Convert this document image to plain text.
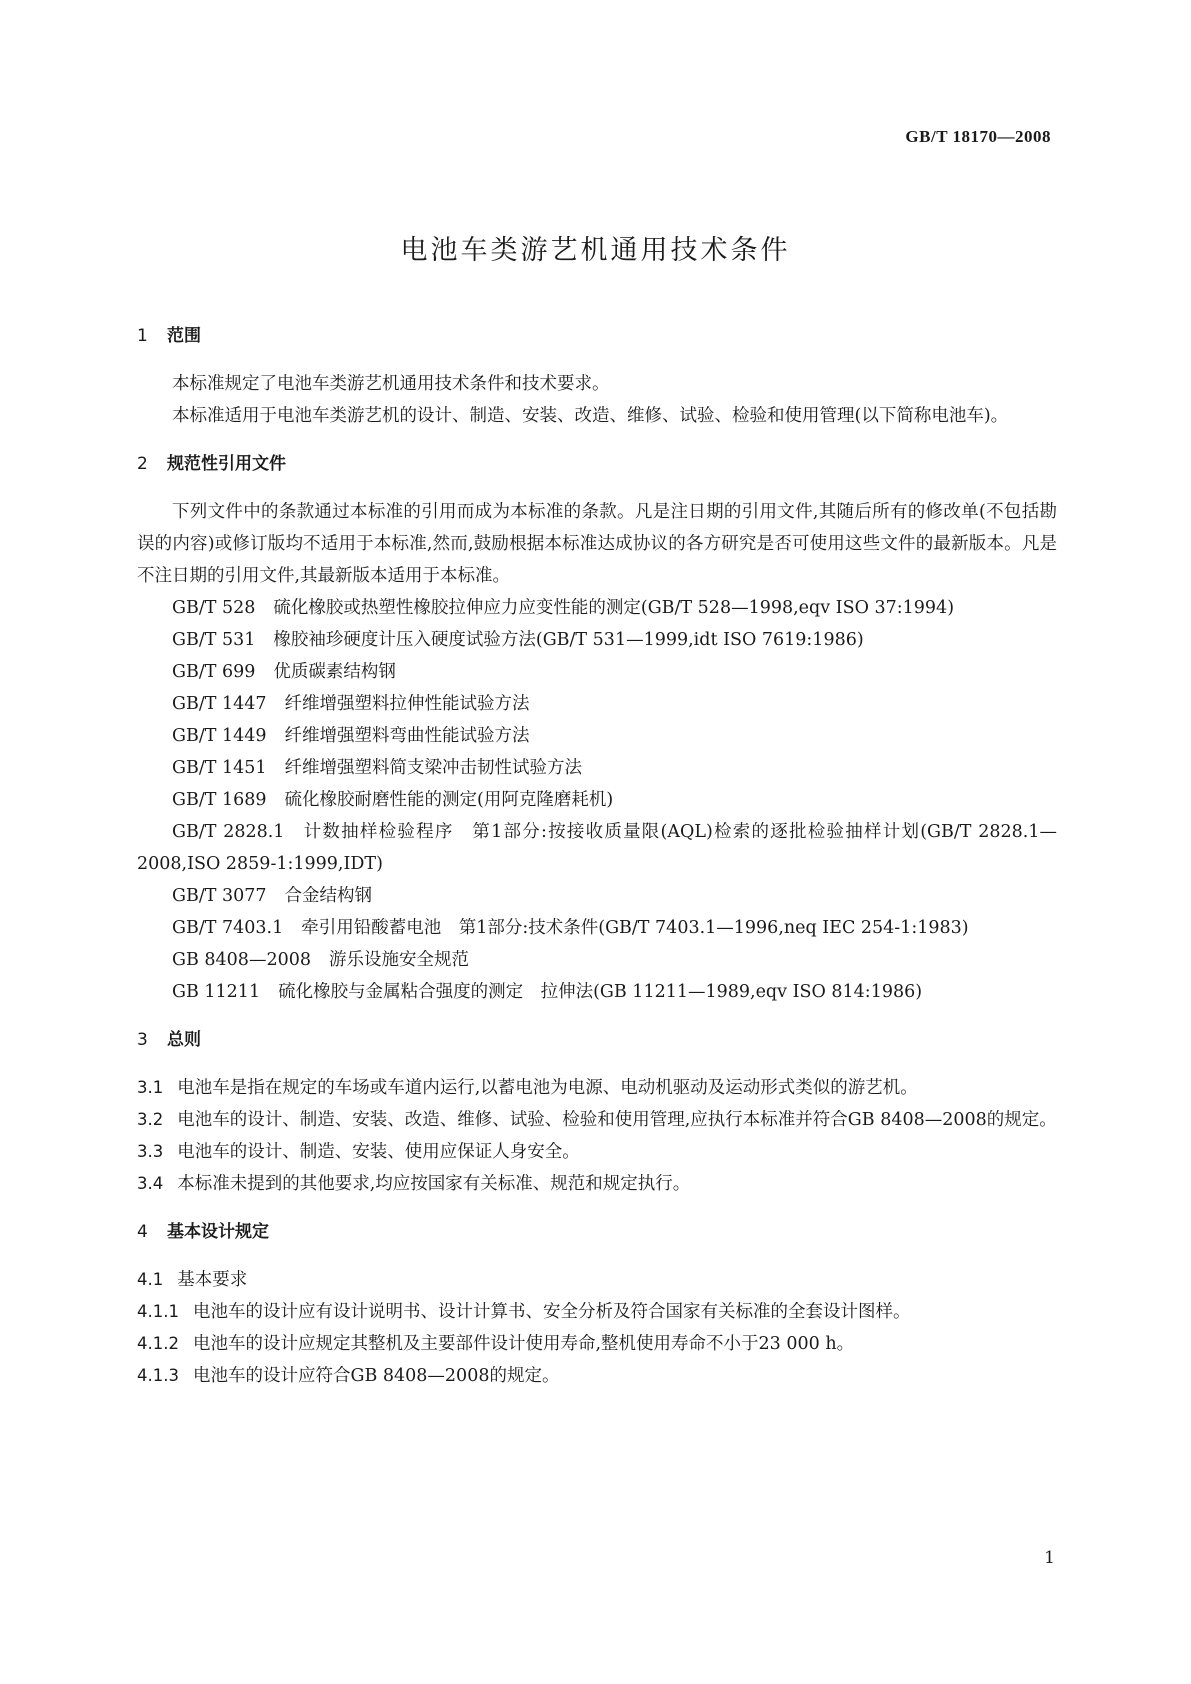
GB/T 18170—2008
电池车类游艺机通用技术条件
1 范围

本标准规定了电池车类游艺机通用技术条件和技术要求。

本标准适用于电池车类游艺机的设计、制造、安装、改造、维修、试验、检验和使用管理(以下简称电池车)。

2 规范性引用文件

下列文件中的条款通过本标准的引用而成为本标准的条款。凡是注日期的引用文件,其随后所有的修改单(不包括勘误的内容)或修订版均不适用于本标准,然而,鼓励根据本标准达成协议的各方研究是否可使用这些文件的最新版本。凡是不注日期的引用文件,其最新版本适用于本标准。

GB/T 528 硫化橡胶或热塑性橡胶拉伸应力应变性能的测定(GB/T 528—1998,eqv ISO 37:1994)

GB/T 531 橡胶袖珍硬度计压入硬度试验方法(GB/T 531—1999,idt ISO 7619:1986)

GB/T 699 优质碳素结构钢

GB/T 1447 纤维增强塑料拉伸性能试验方法

GB/T 1449 纤维增强塑料弯曲性能试验方法

GB/T 1451 纤维增强塑料简支梁冲击韧性试验方法

GB/T 1689 硫化橡胶耐磨性能的测定(用阿克隆磨耗机)

GB/T 2828.1 计数抽样检验程序　第1部分:按接收质量限(AQL)检索的逐批检验抽样计划(GB/T 2828.1—2008,ISO 2859-1:1999,IDT)

GB/T 3077 合金结构钢

GB/T 7403.1 牵引用铅酸蓄电池　第1部分:技术条件(GB/T 7403.1—1996,neq IEC 254-1:1983)

GB 8408—2008 游乐设施安全规范

GB 11211 硫化橡胶与金属粘合强度的测定　拉伸法(GB 11211—1989,eqv ISO 814:1986)

3 总则

3.1 电池车是指在规定的车场或车道内运行,以蓄电池为电源、电动机驱动及运动形式类似的游艺机。

3.2 电池车的设计、制造、安装、改造、维修、试验、检验和使用管理,应执行本标准并符合GB 8408—2008的规定。

3.3 电池车的设计、制造、安装、使用应保证人身安全。

3.4 本标准未提到的其他要求,均应按国家有关标准、规范和规定执行。

4 基本设计规定

4.1 基本要求

4.1.1 电池车的设计应有设计说明书、设计计算书、安全分析及符合国家有关标准的全套设计图样。

4.1.2 电池车的设计应规定其整机及主要部件设计使用寿命,整机使用寿命不小于23 000 h。

4.1.3 电池车的设计应符合GB 8408—2008的规定。

1
